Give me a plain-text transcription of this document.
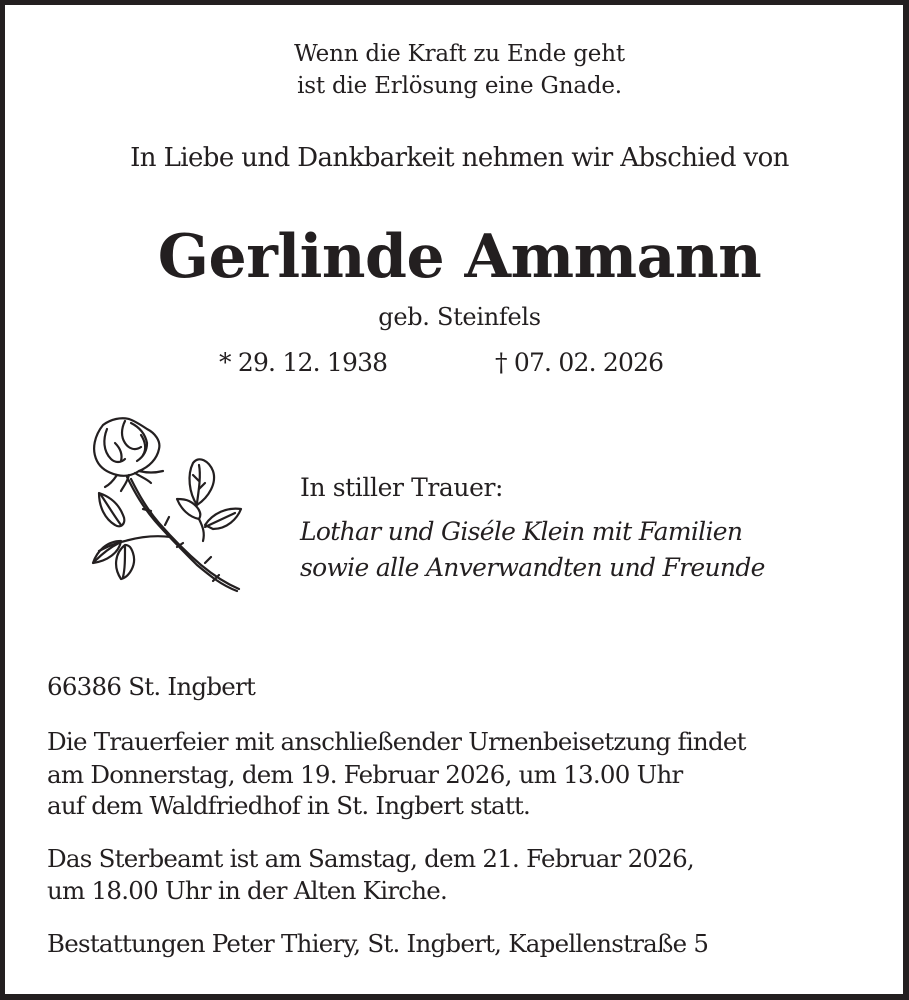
Wenn die Kraft zu Ende geht
ist die Erlösung eine Gnade.
In Liebe und Dankbarkeit nehmen wir Abschied von
Gerlinde Ammann
geb. Steinfels
* 29. 12. 1938	† 07. 02. 2026
In stiller Trauer:
Lothar und Giséle Klein mit Familien
sowie alle Anverwandten und Freunde
66386 St. Ingbert
Die Trauerfeier mit anschließender Urnenbeisetzung findet
am Donnerstag, dem 19. Februar 2026, um 13.00 Uhr
auf dem Waldfriedhof in St. Ingbert statt.
Das Sterbeamt ist am Samstag, dem 21. Februar 2026,
um 18.00 Uhr in der Alten Kirche.
Bestattungen Peter Thiery, St. Ingbert, Kapellenstraße 5
